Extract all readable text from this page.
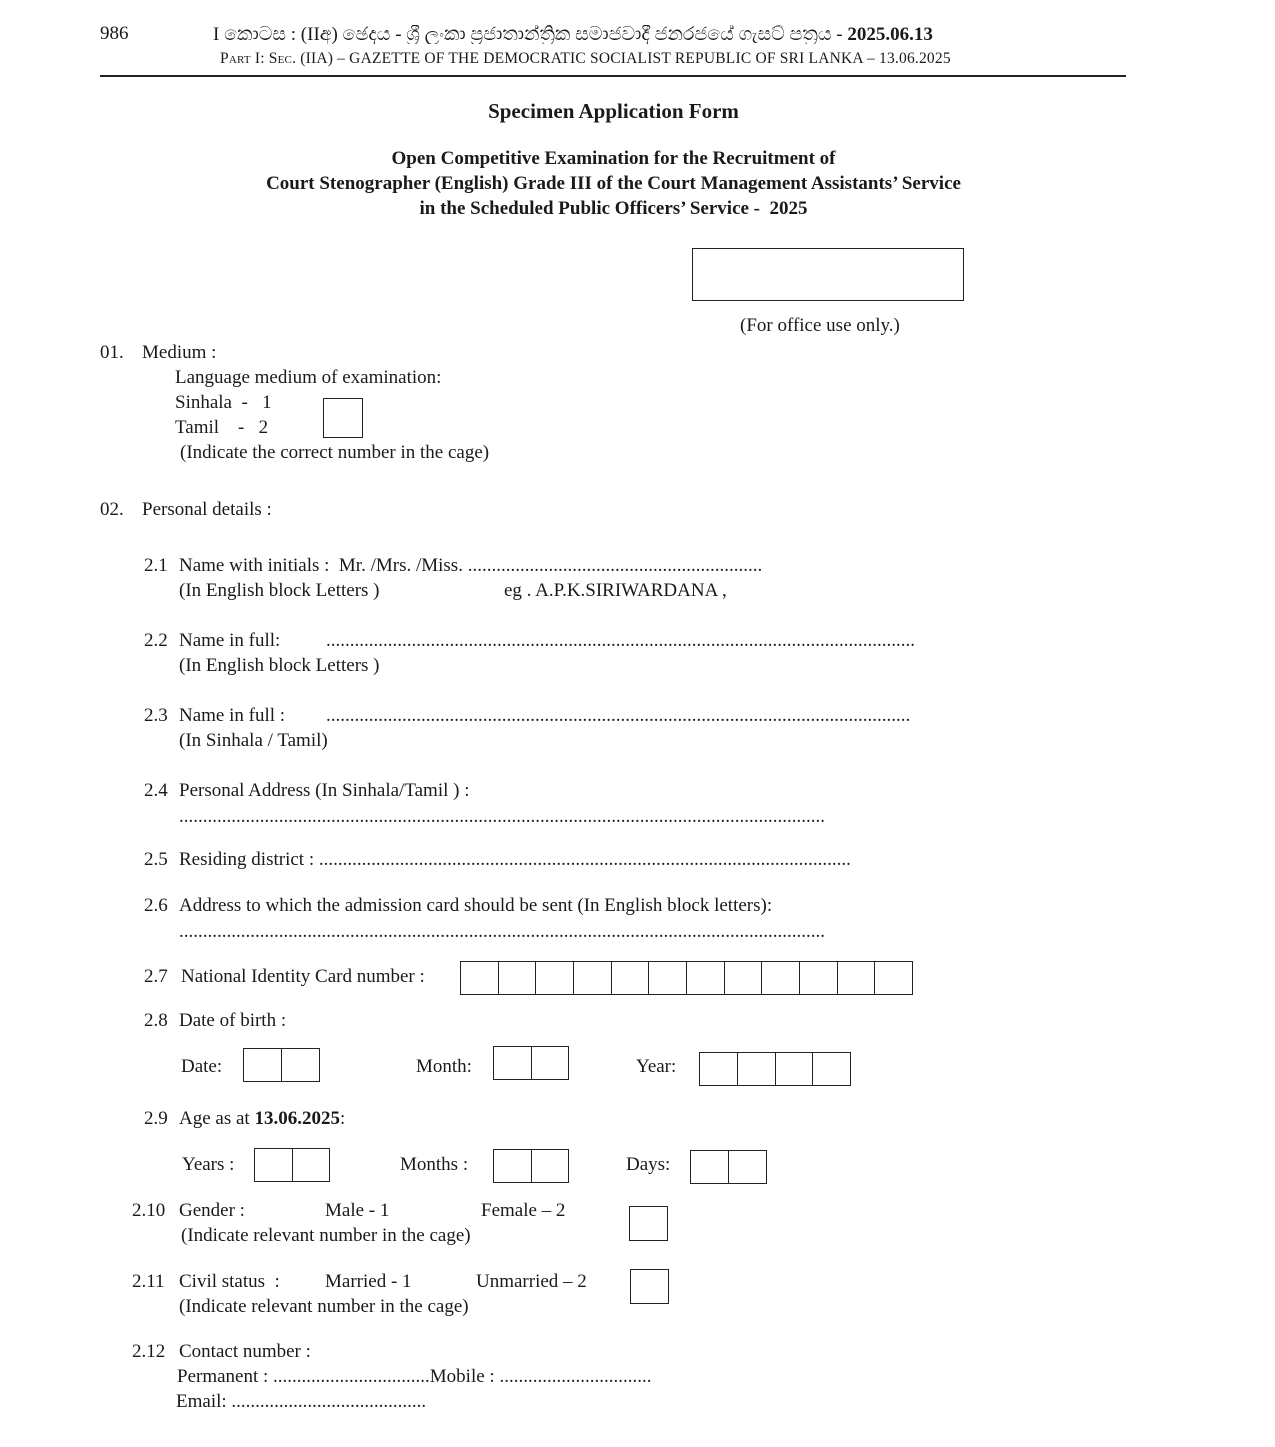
986	I කොටස : (IIඅ) ඡෙදය - ශ්‍රී ලංකා ප්‍රජාතාන්ත්‍රික සමාජවාදී ජනරජයේ ගැසට් පත්‍රය - 2025.06.13
Part I: Sec. (IIA) – GAZETTE OF THE DEMOCRATIC SOCIALIST REPUBLIC OF SRI LANKA – 13.06.2025
Specimen Application Form
Open Competitive Examination for the Recruitment of
Court Stenographer (English) Grade III of the Court Management Assistants’ Service
in the Scheduled Public Officers’ Service -  2025
(For office use only.)
01. Medium :
Language medium of examination:
Sinhala  -   1
Tamil    -   2
(Indicate the correct number in the cage)
02. Personal details :
2.1 Name with initials :  Mr. /Mrs. /Miss. ..............................................................
(In English block Letters )	eg . A.P.K.SIRIWARDANA ,
2.2 Name in full: ............................................................................................................................
(In English block Letters )
2.3 Name in full : ...........................................................................................................................
(In Sinhala / Tamil)
2.4 Personal Address (In Sinhala/Tamil ) :
........................................................................................................................................
2.5 Residing district : ................................................................................................................
2.6 Address to which the admission card should be sent (In English block letters):
........................................................................................................................................
2.7 National Identity Card number :
2.8 Date of birth :
Date:	Month:	Year:
2.9 Age as at 13.06.2025:
Years :	Months :	Days:
2.10 Gender :	Male - 1	Female – 2
(Indicate relevant number in the cage)
2.11 Civil status  : Married - 1	Unmarried – 2
(Indicate relevant number in the cage)
2.12 Contact number :
Permanent : .................................Mobile : ................................
Email: .........................................
